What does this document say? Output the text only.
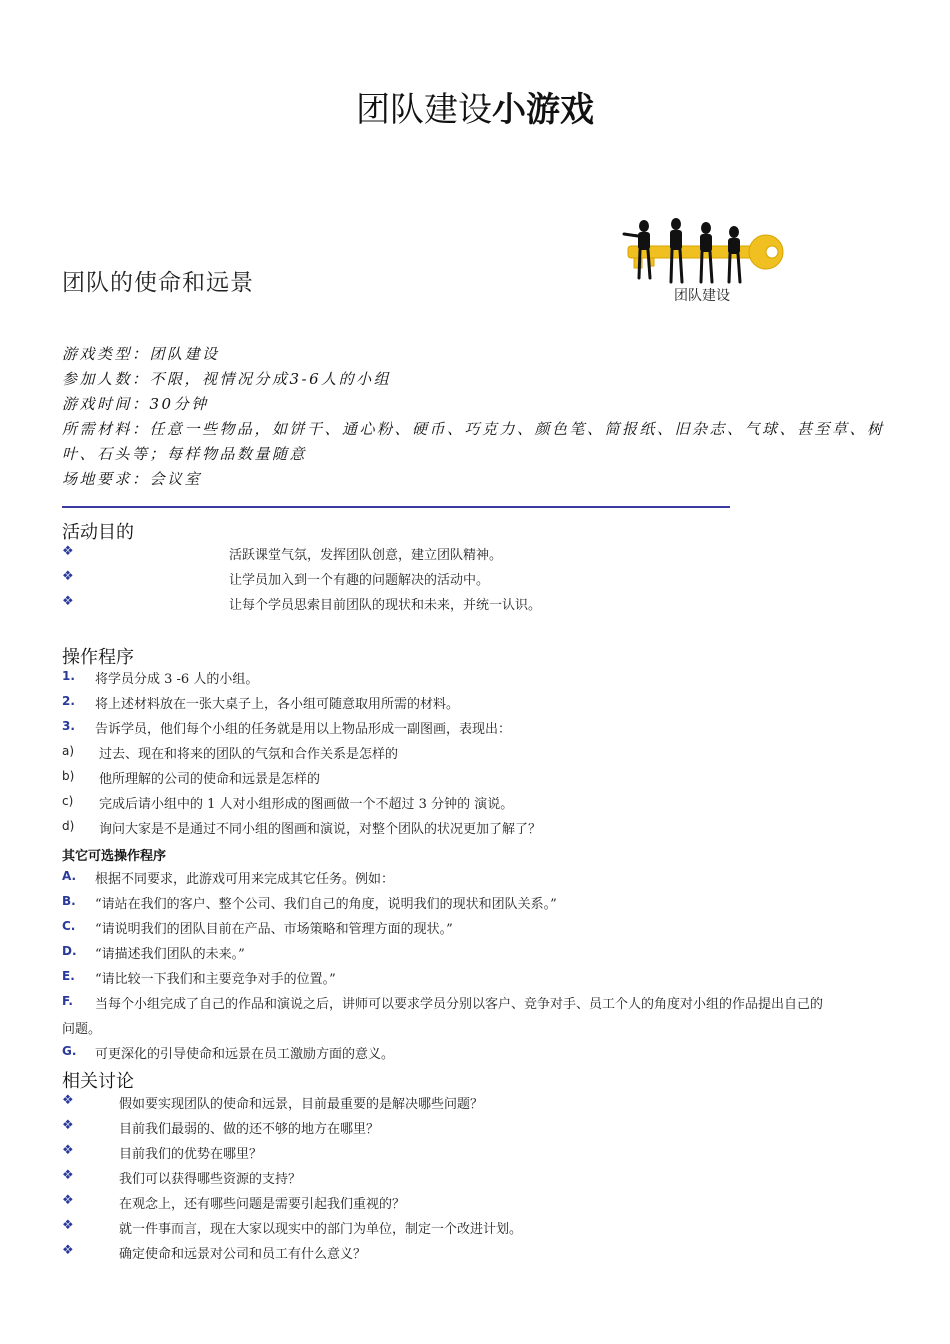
团队建设小游戏
团队建设
团队的使命和远景
游戏类型：团队建设
参加人数：不限，视情况分成3-6人的小组
游戏时间：30分钟
所需材料：任意一些物品，如饼干、通心粉、硬币、巧克力、颜色笔、简报纸、旧杂志、气球、甚至草、树叶、石头等；每样物品数量随意
场地要求：会议室
活动目的
❖	活跃课堂气氛，发挥团队创意，建立团队精神。
❖	让学员加入到一个有趣的问题解决的活动中。
❖	让每个学员思索目前团队的现状和未来，并统一认识。
操作程序
1. 将学员分成 3 -6 人的小组。
2. 将上述材料放在一张大桌子上，各小组可随意取用所需的材料。
3. 告诉学员，他们每个小组的任务就是用以上物品形成一副图画，表现出：
a) 过去、现在和将来的团队的气氛和合作关系是怎样的
b) 他所理解的公司的使命和远景是怎样的
c) 完成后请小组中的 1 人对小组形成的图画做一个不超过 3 分钟的 演说。
d) 询问大家是不是通过不同小组的图画和演说，对整个团队的状况更加了解了？
其它可选操作程序
A. 根据不同要求，此游戏可用来完成其它任务。例如：
B. “请站在我们的客户、整个公司、我们自己的角度，说明我们的现状和团队关系。”
C. “请说明我们的团队目前在产品、市场策略和管理方面的现状。”
D. “请描述我们团队的未来。”
E. “请比较一下我们和主要竞争对手的位置。”
F. 当每个小组完成了自己的作品和演说之后，讲师可以要求学员分别以客户、竞争对手、员工个人的角度对小组的作品提出自己的
问题。
G. 可更深化的引导使命和远景在员工激励方面的意义。
相关讨论
❖	假如要实现团队的使命和远景，目前最重要的是解决哪些问题？
❖	目前我们最弱的、做的还不够的地方在哪里？
❖	目前我们的优势在哪里？
❖	我们可以获得哪些资源的支持？
❖	在观念上，还有哪些问题是需要引起我们重视的？
❖	就一件事而言，现在大家以现实中的部门为单位，制定一个改进计划。
❖	确定使命和远景对公司和员工有什么意义？
